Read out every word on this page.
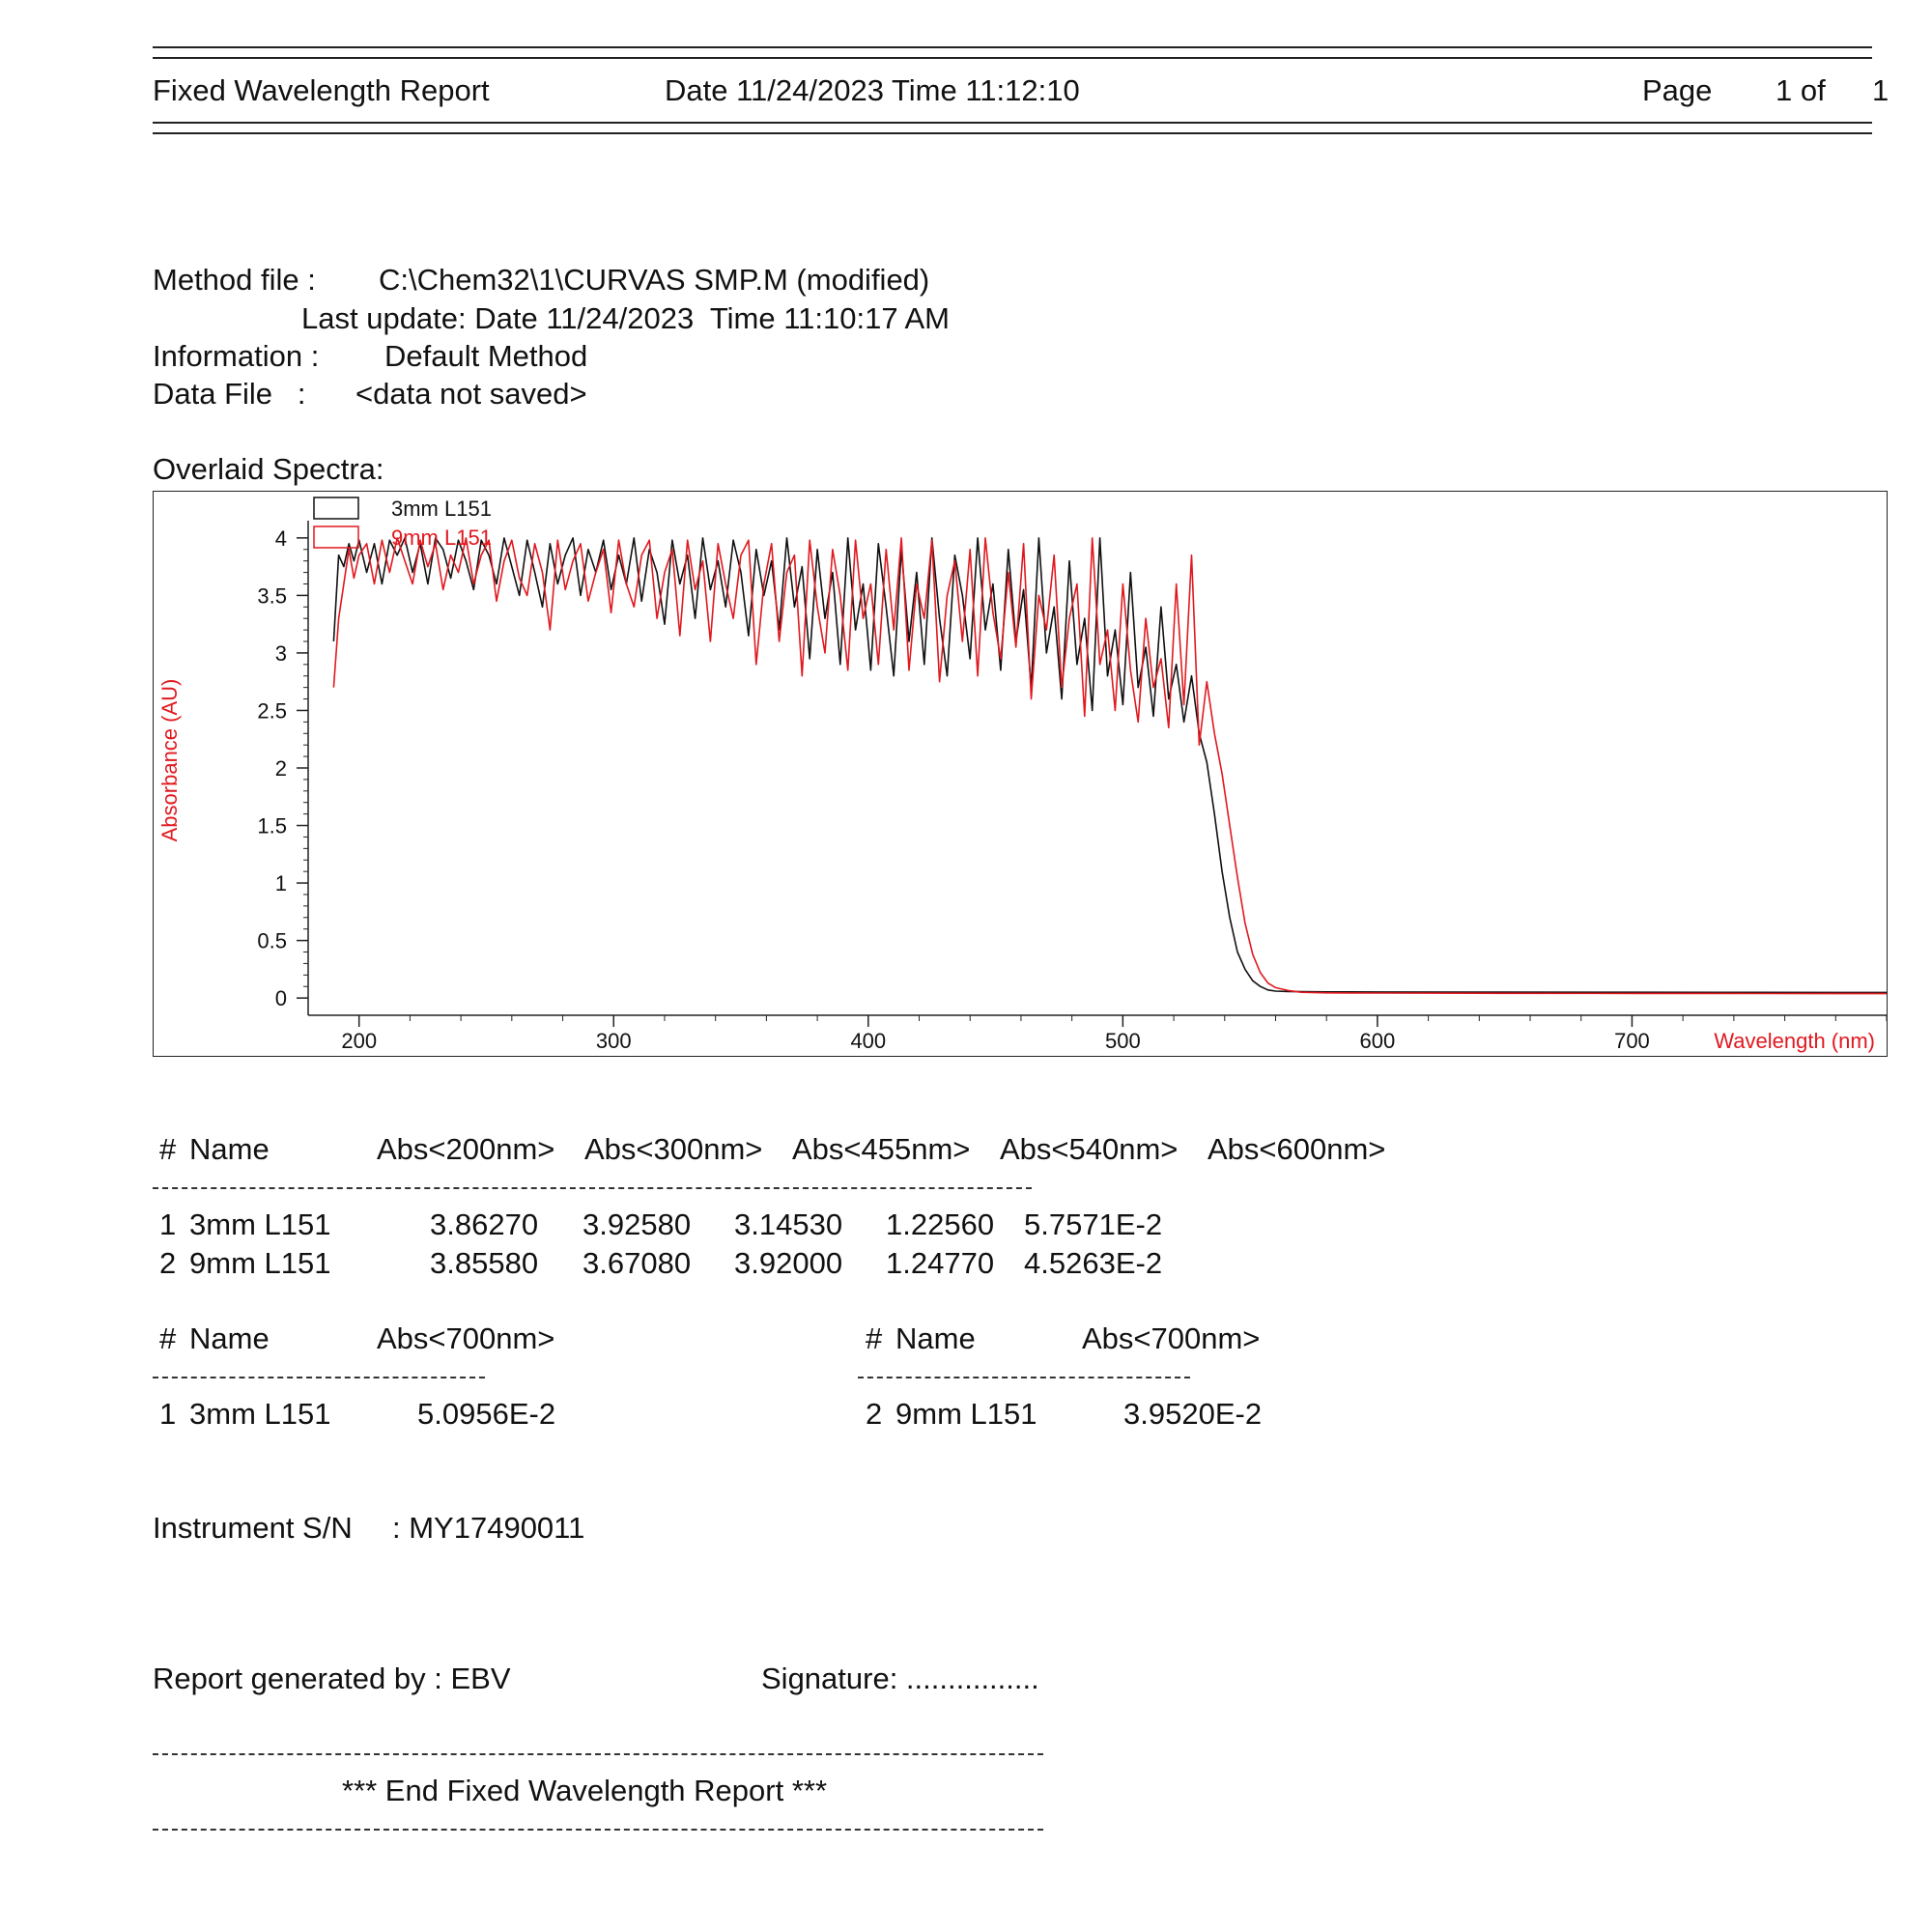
Fixed Wavelength Report	Date 11/24/2023 Time 11:12:10	Page 1 of 1
Method file : C:\Chem32\1\CURVAS SMP.M (modified)
Last update: Date 11/24/2023  Time 11:10:17 AM
Information : Default Method
Data File   : <data not saved>
Overlaid Spectra:
0
0.5
1
1.5
2
2.5
3
3.5
4
200	300	400	500	600	700	Wavelength (nm)
Absorbance (AU)
3mm L151
9mm L151
# Name	Abs<200nm> Abs<300nm> Abs<455nm> Abs<540nm> Abs<600nm>
1 3mm L151	3.86270 3.92580 3.14530 1.22560 5.7571E-2
2 9mm L151	3.85580 3.67080 3.92000 1.24770 4.5263E-2
# Name	Abs<700nm>
1 3mm L151	5.0956E-2
# Name	Abs<700nm>
2 9mm L151	3.9520E-2
Instrument S/N : MY17490011
Report generated by : EBV	Signature: ................
*** End Fixed Wavelength Report ***
